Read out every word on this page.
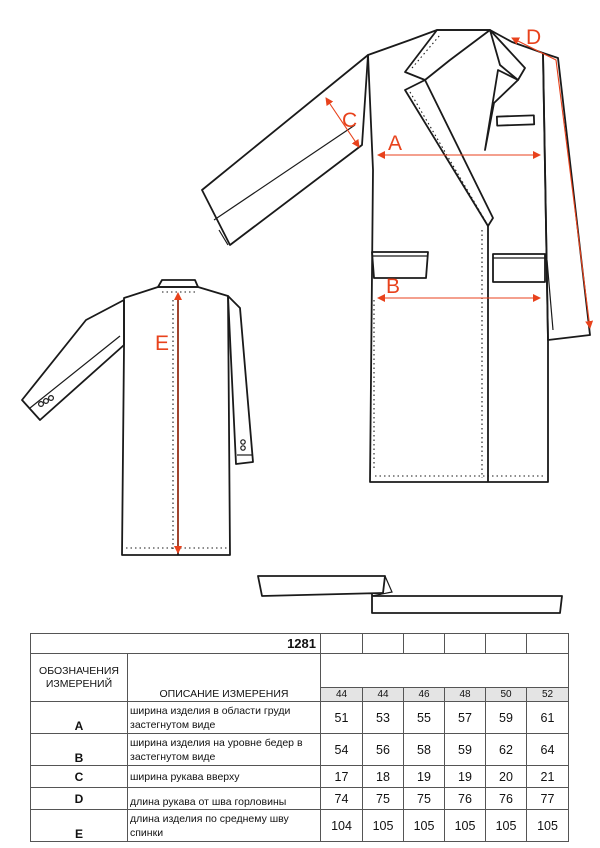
A
B
C
D
E
1281							
ОБОЗНАЧЕНИЯ ИЗМЕРЕНИЙ	ОПИСАНИЕ ИЗМЕРЕНИЯ						
		44	44	46	48	50	52
A	ширина изделия в области груди застегнутом виде	51	53	55	57	59	61
B	ширина изделия на уровне бедер в застегнутом виде	54	56	58	59	62	64
C	ширина рукава вверху	17	18	19	19	20	21
D	длина рукава от шва горловины	74	75	75	76	76	77
E	длина изделия по среднему шву спинки	104	105	105	105	105	105
